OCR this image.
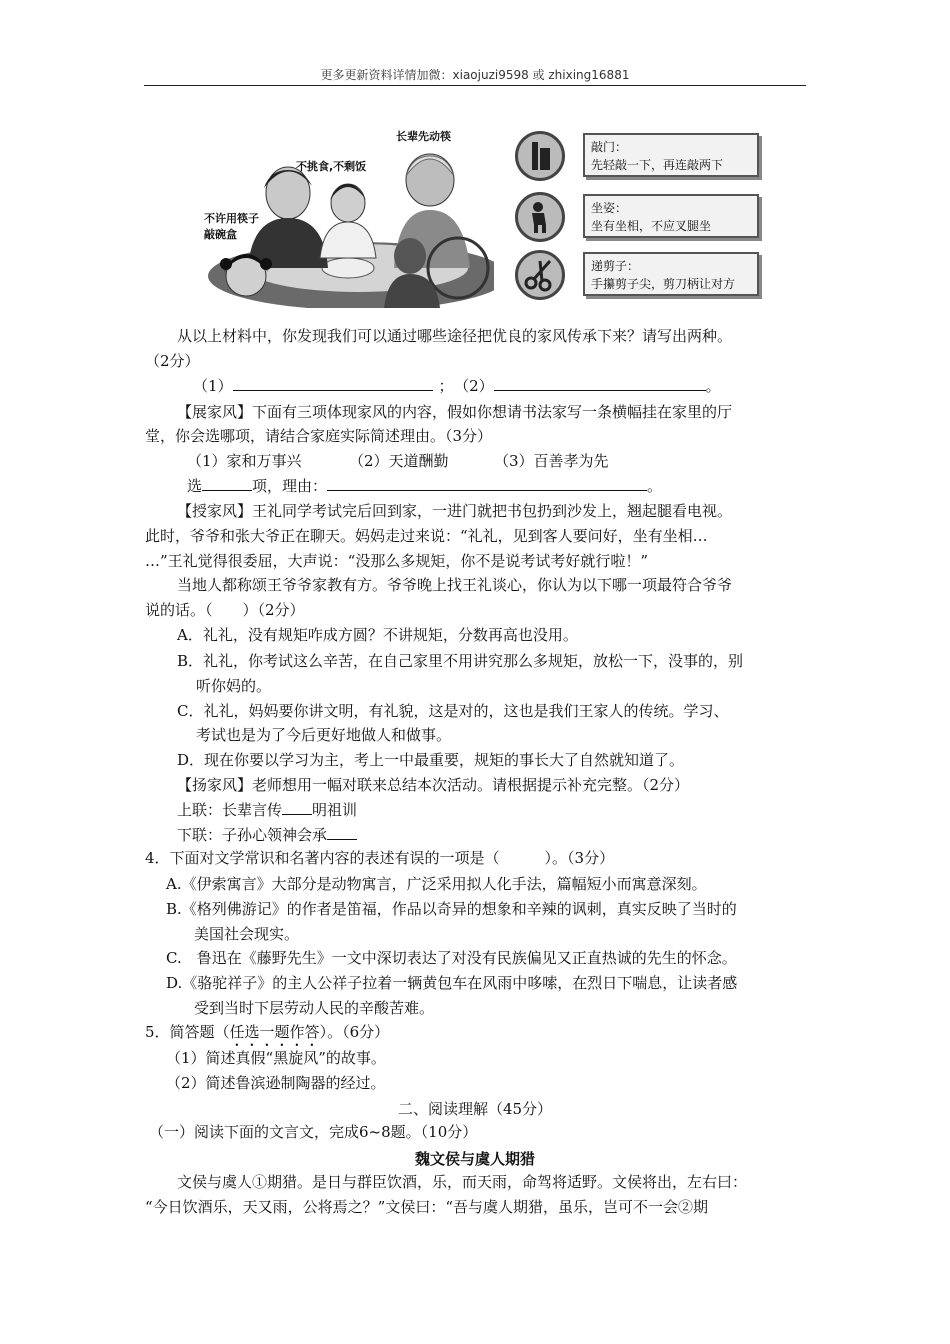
更多更新资料详情加微：xiaojuzi9598 或 zhixing16881
长辈先动筷
不挑食,不剩饭
不许用筷子
敲碗盒
敲门：
先轻敲一下，再连敲两下
坐姿：
坐有坐相，不应叉腿坐
递剪子：
手攥剪子尖，剪刀柄让对方
从以上材料中，你发现我们可以通过哪些途径把优良的家风传承下来？请写出两种。
（2分）
（1）	； （2）	。
【展家风】下面有三项体现家风的内容，假如你想请书法家写一条横幅挂在家里的厅
堂，你会选哪项，请结合家庭实际简述理由。（3分）
（1）家和万事兴	（2）天道酬勤	（3）百善孝为先
选	项，理由：	。
【授家风】王礼同学考试完后回到家，一进门就把书包扔到沙发上，翘起腿看电视。
此时，爷爷和张大爷正在聊天。妈妈走过来说：“礼礼，见到客人要问好，坐有坐相…
…”王礼觉得很委屈，大声说：“没那么多规矩，你不是说考试考好就行啦！”
当地人都称颂王爷爷家教有方。爷爷晚上找王礼谈心，你认为以下哪一项最符合爷爷
说的话。（　　）（2分）
A．礼礼，没有规矩咋成方圆？不讲规矩，分数再高也没用。
B．礼礼，你考试这么辛苦，在自己家里不用讲究那么多规矩，放松一下，没事的，别
听你妈的。
C．礼礼，妈妈要你讲文明，有礼貌，这是对的，这也是我们王家人的传统。学习、
考试也是为了今后更好地做人和做事。
D．现在你要以学习为主，考上一中最重要，规矩的事长大了自然就知道了。
【扬家风】老师想用一幅对联来总结本次活动。请根据提示补充完整。（2分）
上联：长辈言传 明祖训
下联：子孙心领神会承
4．下面对文学常识和名著内容的表述有误的一项是（　　　）。（3分）
A.《伊索寓言》大部分是动物寓言，广泛采用拟人化手法，篇幅短小而寓意深刻。
B.《格列佛游记》的作者是笛福，作品以奇异的想象和辛辣的讽刺，真实反映了当时的
美国社会现实。
C.　鲁迅在《藤野先生》一文中深切表达了对没有民族偏见又正直热诚的先生的怀念。
D.《骆驼祥子》的主人公祥子拉着一辆黄包车在风雨中哆嗦，在烈日下喘息，让读者感
受到当时下层劳动人民的辛酸苦难。
5．简答题（任选一题作答）。（6分）
（1）简述真假“黑旋风”的故事。
（2）简述鲁滨逊制陶器的经过。
二、阅读理解（45分）
（一）阅读下面的文言文，完成6~8题。（10分）
魏文侯与虞人期猎
文侯与虞人①期猎。是日与群臣饮酒，乐，而天雨，命驾将适野。文侯将出，左右曰：
“今日饮酒乐，天又雨，公将焉之？”文侯曰：“吾与虞人期猎，虽乐，岂可不一会②期
